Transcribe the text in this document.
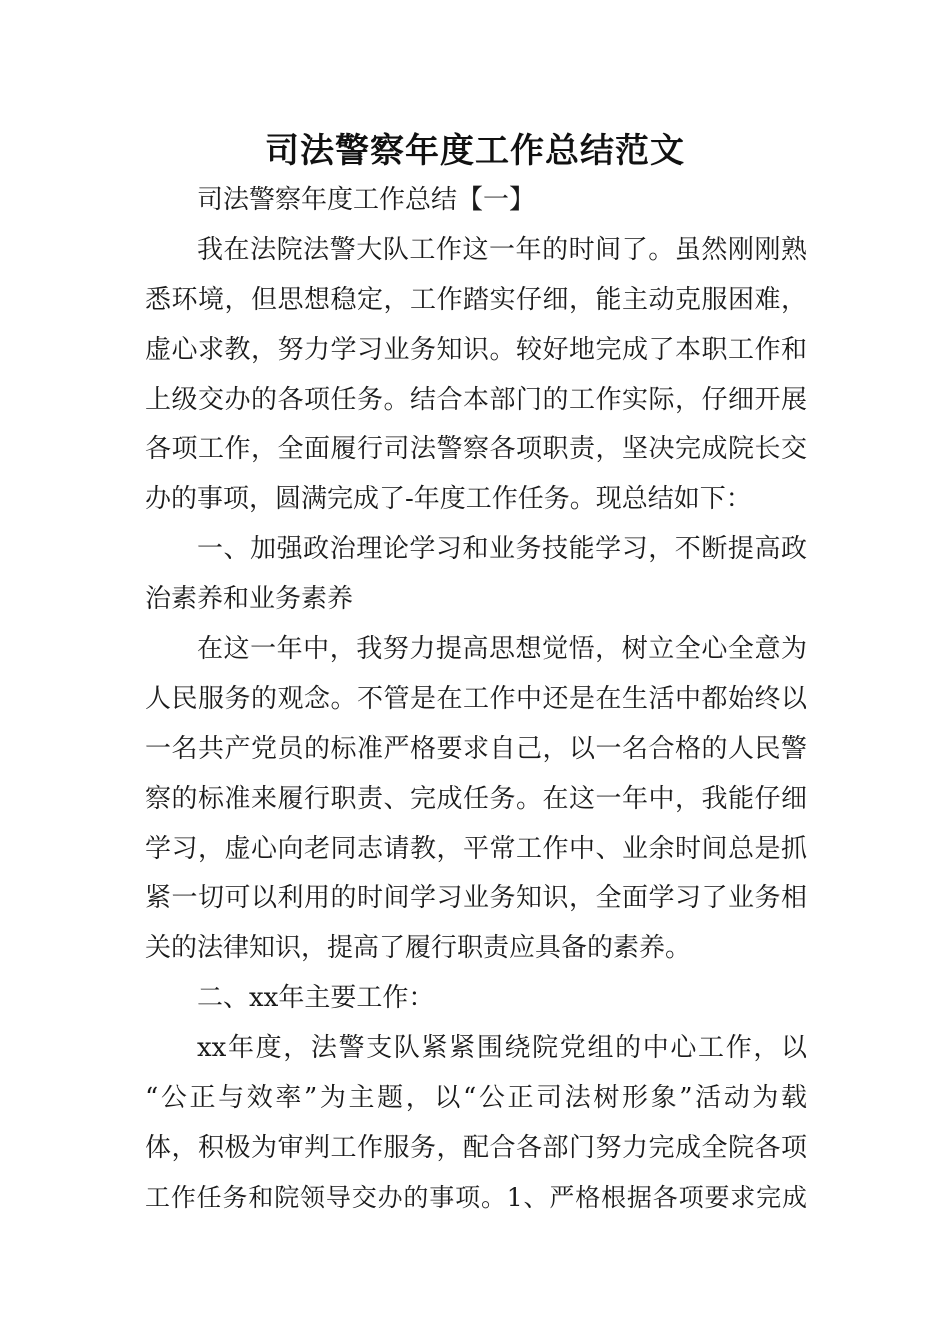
司法警察年度工作总结范文
司法警察年度工作总结【一】
我在法院法警大队工作这一年的时间了。虽然刚刚熟
悉环境，但思想稳定，工作踏实仔细，能主动克服困难，
虚心求教，努力学习业务知识。较好地完成了本职工作和
上级交办的各项任务。结合本部门的工作实际，仔细开展
各项工作，全面履行司法警察各项职责，坚决完成院长交
办的事项，圆满完成了-年度工作任务。现总结如下：
一、加强政治理论学习和业务技能学习，不断提高政
治素养和业务素养
在这一年中，我努力提高思想觉悟，树立全心全意为
人民服务的观念。不管是在工作中还是在生活中都始终以
一名共产党员的标准严格要求自己，以一名合格的人民警
察的标准来履行职责、完成任务。在这一年中，我能仔细
学习，虚心向老同志请教，平常工作中、业余时间总是抓
紧一切可以利用的时间学习业务知识，全面学习了业务相
关的法律知识，提高了履行职责应具备的素养。
二、xx年主要工作：
xx年度，法警支队紧紧围绕院党组的中心工作，以
“公正与效率”为主题，以“公正司法树形象”活动为载
体，积极为审判工作服务，配合各部门努力完成全院各项
工作任务和院领导交办的事项。1、严格根据各项要求完成
